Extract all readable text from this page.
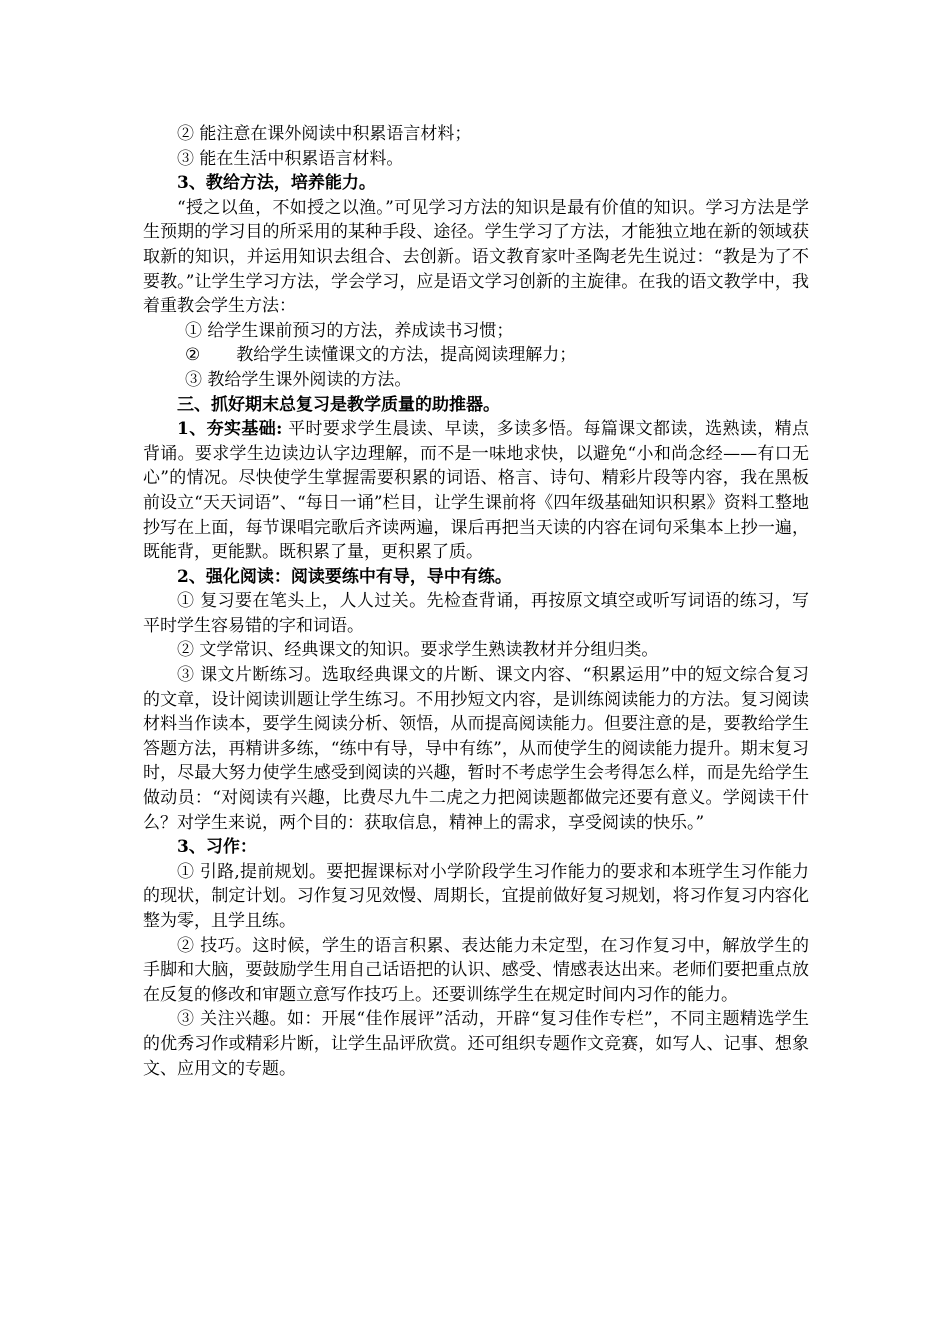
② 能注意在课外阅读中积累语言材料；

③ 能在生活中积累语言材料。

3、教给方法，培养能力。

“授之以鱼，不如授之以渔。”可见学习方法的知识是最有价值的知识。学习方法是学生预期的学习目的所采用的某种手段、途径。学生学习了方法，才能独立地在新的领域获取新的知识，并运用知识去组合、去创新。语文教育家叶圣陶老先生说过：“教是为了不要教。”让学生学习方法，学会学习，应是语文学习创新的主旋律。在我的语文教学中，我着重教会学生方法：

① 给学生课前预习的方法，养成读书习惯；

② 教给学生读懂课文的方法，提高阅读理解力；

③ 教给学生课外阅读的方法。

三、抓好期末总复习是教学质量的助推器。

1、夯实基础: 平时要求学生晨读、早读，多读多悟。每篇课文都读，选熟读，精点背诵。要求学生边读边认字边理解，而不是一味地求快，以避免“小和尚念经——有口无心”的情况。尽快使学生掌握需要积累的词语、格言、诗句、精彩片段等内容，我在黑板前设立“天天词语”、“每日一诵”栏目，让学生课前将《四年级基础知识积累》资料工整地抄写在上面，每节课唱完歌后齐读两遍，课后再把当天读的内容在词句采集本上抄一遍，既能背，更能默。既积累了量，更积累了质。

2、强化阅读：阅读要练中有导，导中有练。

① 复习要在笔头上，人人过关。先检查背诵，再按原文填空或听写词语的练习，写平时学生容易错的字和词语。

② 文学常识、经典课文的知识。要求学生熟读教材并分组归类。

③ 课文片断练习。选取经典课文的片断、课文内容、“积累运用”中的短文综合复习的文章，设计阅读训题让学生练习。不用抄短文内容，是训练阅读能力的方法。复习阅读材料当作读本，要学生阅读分析、领悟，从而提高阅读能力。但要注意的是，要教给学生答题方法，再精讲多练，“练中有导，导中有练”，从而使学生的阅读能力提升。期末复习时，尽最大努力使学生感受到阅读的兴趣，暂时不考虑学生会考得怎么样，而是先给学生做动员：“对阅读有兴趣，比费尽九牛二虎之力把阅读题都做完还要有意义。学阅读干什么？对学生来说，两个目的：获取信息，精神上的需求，享受阅读的快乐。”

3、习作：

① 引路,提前规划。要把握课标对小学阶段学生习作能力的要求和本班学生习作能力的现状，制定计划。习作复习见效慢、周期长，宜提前做好复习规划，将习作复习内容化整为零，且学且练。

② 技巧。这时候，学生的语言积累、表达能力未定型，在习作复习中，解放学生的手脚和大脑，要鼓励学生用自己话语把的认识、感受、情感表达出来。老师们要把重点放在反复的修改和审题立意写作技巧上。还要训练学生在规定时间内习作的能力。

③ 关注兴趣。如：开展“佳作展评”活动，开辟“复习佳作专栏”，不同主题精选学生的优秀习作或精彩片断，让学生品评欣赏。还可组织专题作文竞赛，如写人、记事、想象文、应用文的专题。
